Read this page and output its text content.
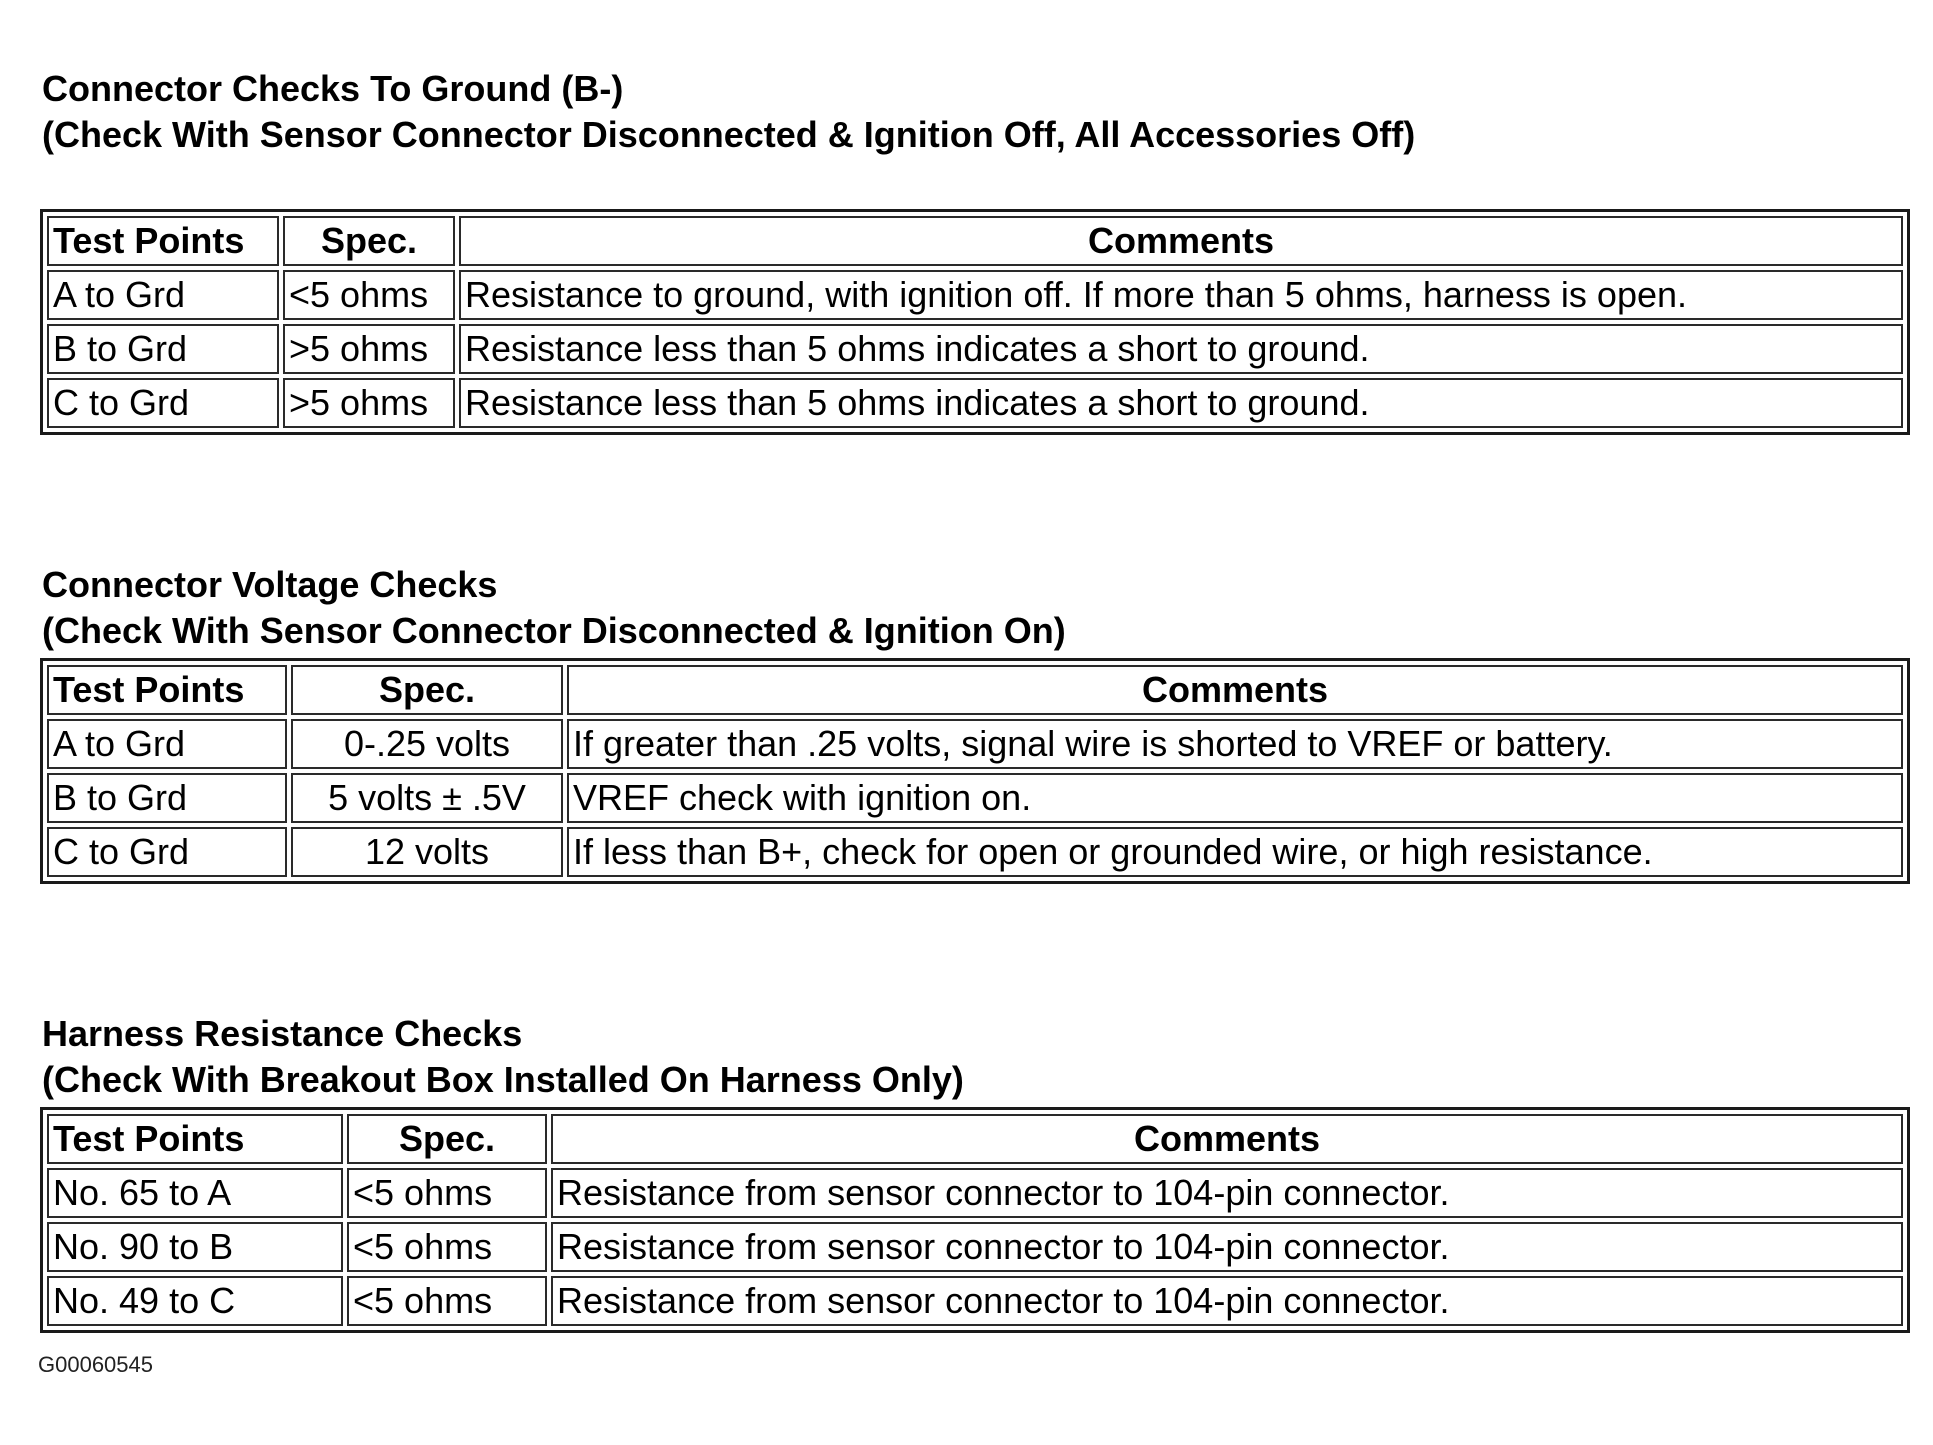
Connector Checks To Ground (B-)

(Check With Sensor Connector Disconnected & Ignition Off, All Accessories Off)

Test Points	Spec.	Comments
A to Grd	<5 ohms	Resistance to ground, with ignition off. If more than 5 ohms, harness is open.
B to Grd	>5 ohms	Resistance less than 5 ohms indicates a short to ground.
C to Grd	>5 ohms	Resistance less than 5 ohms indicates a short to ground.

Connector Voltage Checks

(Check With Sensor Connector Disconnected & Ignition On)

Test Points	Spec.	Comments
A to Grd	0-.25 volts	If greater than .25 volts, signal wire is shorted to VREF or battery.
B to Grd	5 volts ± .5V	VREF check with ignition on.
C to Grd	12 volts	If less than B+, check for open or grounded wire, or high resistance.

Harness Resistance Checks

(Check With Breakout Box Installed On Harness Only)

Test Points	Spec.	Comments
No. 65 to A	<5 ohms	Resistance from sensor connector to 104-pin connector.
No. 90 to B	<5 ohms	Resistance from sensor connector to 104-pin connector.
No. 49 to C	<5 ohms	Resistance from sensor connector to 104-pin connector.
G00060545
